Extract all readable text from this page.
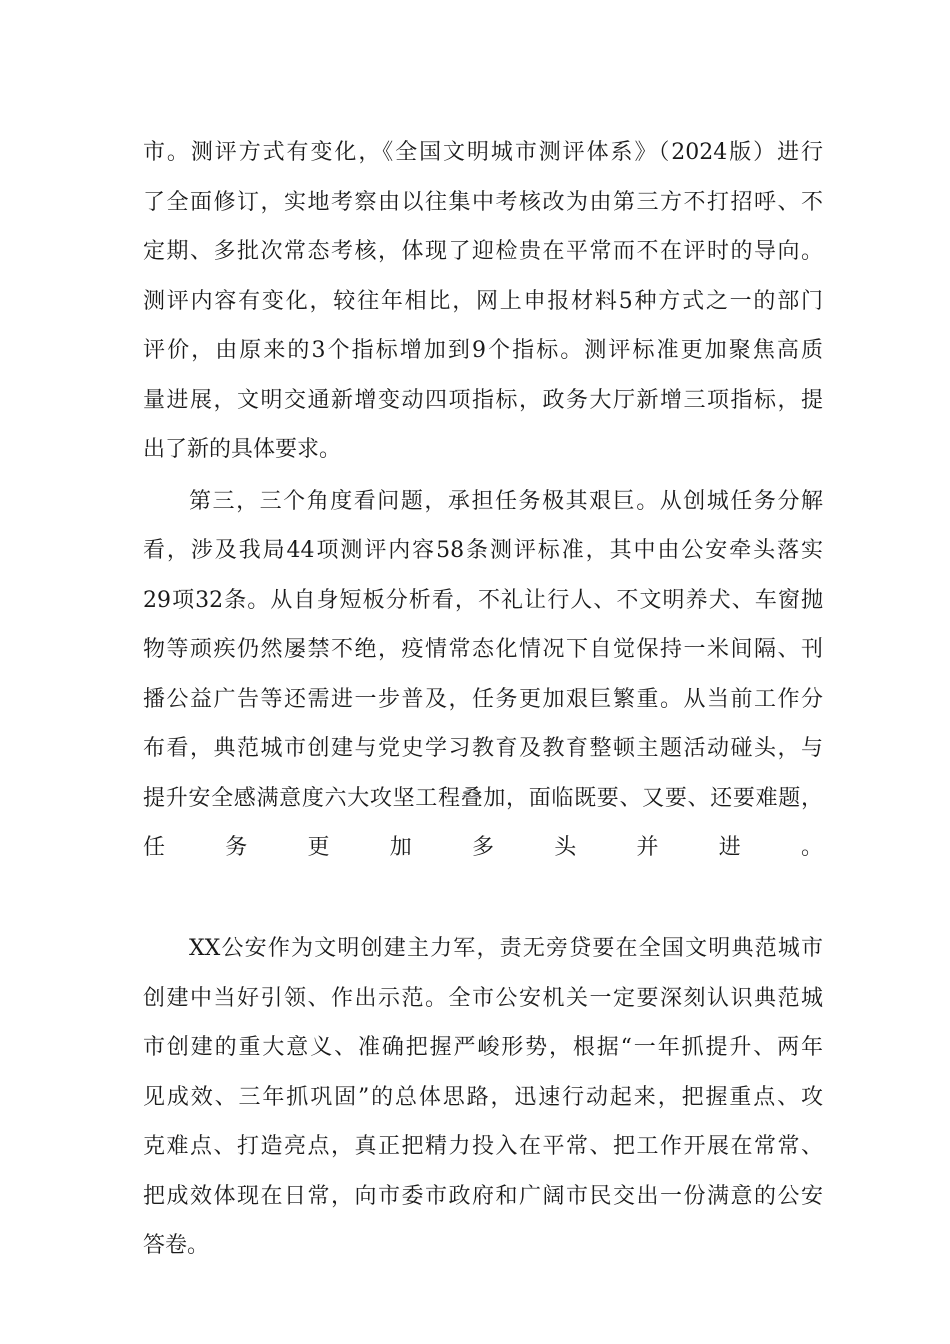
市。测评方式有变化，《全国文明城市测评体系》（2024版）进行
了全面修订，实地考察由以往集中考核改为由第三方不打招呼、不
定期、多批次常态考核，体现了迎检贵在平常而不在评时的导向。
测评内容有变化，较往年相比，网上申报材料5种方式之一的部门
评价，由原来的3个指标增加到9个指标。测评标准更加聚焦高质
量进展，文明交通新增变动四项指标，政务大厅新增三项指标，提
出了新的具体要求。
第三，三个角度看问题，承担任务极其艰巨。从创城任务分解
看，涉及我局44项测评内容58条测评标准，其中由公安牵头落实
29项32条。从自身短板分析看，不礼让行人、不文明养犬、车窗抛
物等顽疾仍然屡禁不绝，疫情常态化情况下自觉保持一米间隔、刊
播公益广告等还需进一步普及，任务更加艰巨繁重。从当前工作分
布看，典范城市创建与党史学习教育及教育整顿主题活动碰头，与
提升安全感满意度六大攻坚工程叠加，面临既要、又要、还要难题，
任务更加多头并进。
XX公安作为文明创建主力军，责无旁贷要在全国文明典范城市
创建中当好引领、作出示范。全市公安机关一定要深刻认识典范城
市创建的重大意义、准确把握严峻形势，根据“一年抓提升、两年
见成效、三年抓巩固”的总体思路，迅速行动起来，把握重点、攻
克难点、打造亮点，真正把精力投入在平常、把工作开展在常常、
把成效体现在日常，向市委市政府和广阔市民交出一份满意的公安
答卷。
